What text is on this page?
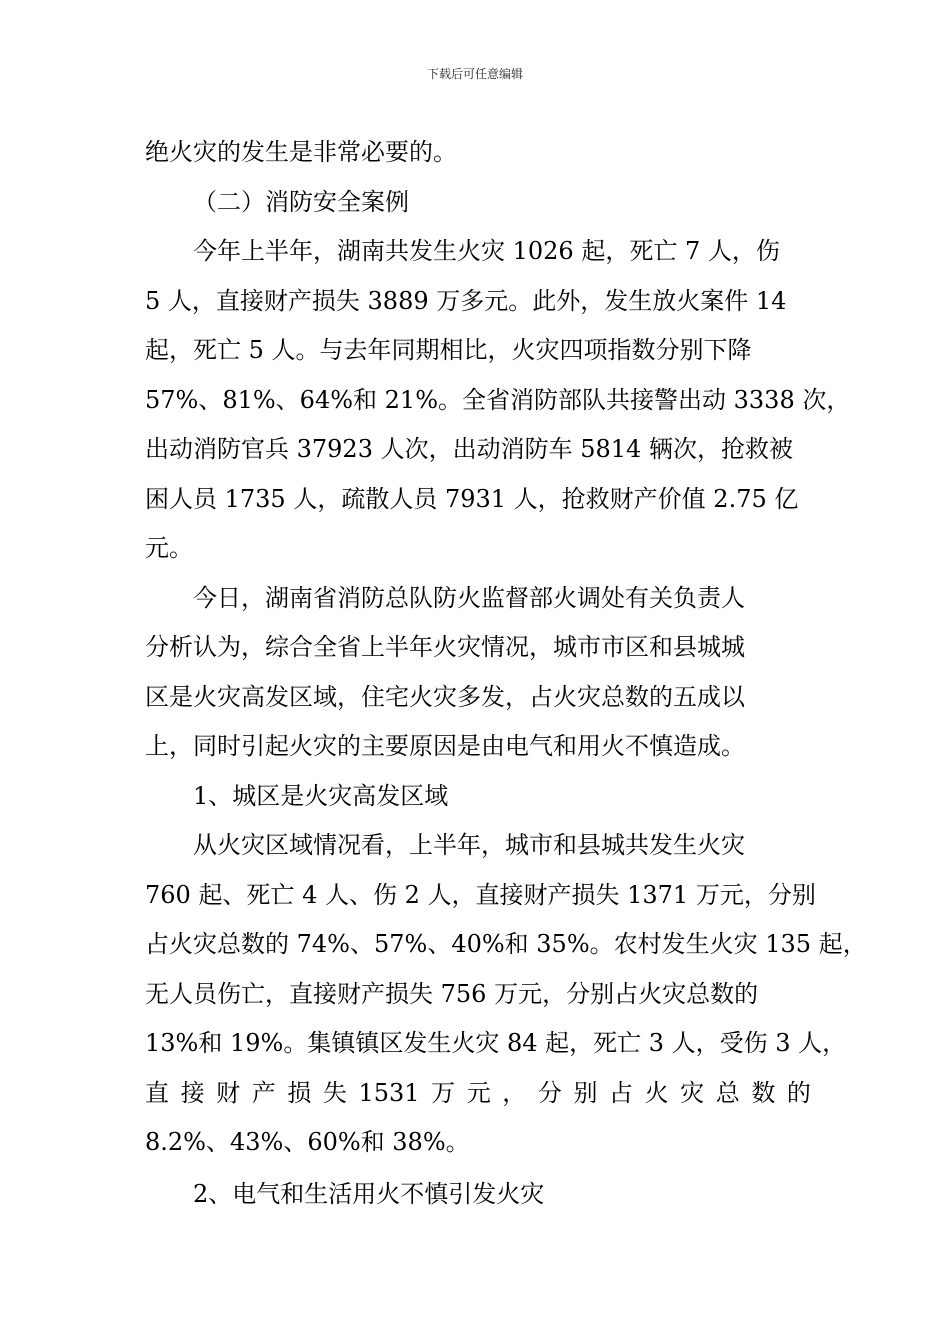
下载后可任意编辑
绝火灾的发生是非常必要的。
（二）消防安全案例
今年上半年，湖南共发生火灾 1026 起，死亡 7 人，伤
5 人，直接财产损失 3889 万多元。此外，发生放火案件 14
起，死亡 5 人。与去年同期相比，火灾四项指数分别下降
57%、81%、64%和 21%。全省消防部队共接警出动 3338 次，
出动消防官兵 37923 人次，出动消防车 5814 辆次，抢救被
困人员 1735 人，疏散人员 7931 人，抢救财产价值 2.75 亿
元。
今日，湖南省消防总队防火监督部火调处有关负责人
分析认为，综合全省上半年火灾情况，城市市区和县城城
区是火灾高发区域，住宅火灾多发，占火灾总数的五成以
上，同时引起火灾的主要原因是由电气和用火不慎造成。
1、城区是火灾高发区域
从火灾区域情况看，上半年，城市和县城共发生火灾
760 起、死亡 4 人、伤 2 人，直接财产损失 1371 万元，分别
占火灾总数的 74%、57%、40%和 35%。农村发生火灾 135 起，
无人员伤亡，直接财产损失 756 万元，分别占火灾总数的
13%和 19%。集镇镇区发生火灾 84 起，死亡 3 人，受伤 3 人，
直 接 财 产 损 失 1531 万 元 ， 分 别 占 火 灾 总 数 的
8.2%、43%、60%和 38%。
2、电气和生活用火不慎引发火灾
